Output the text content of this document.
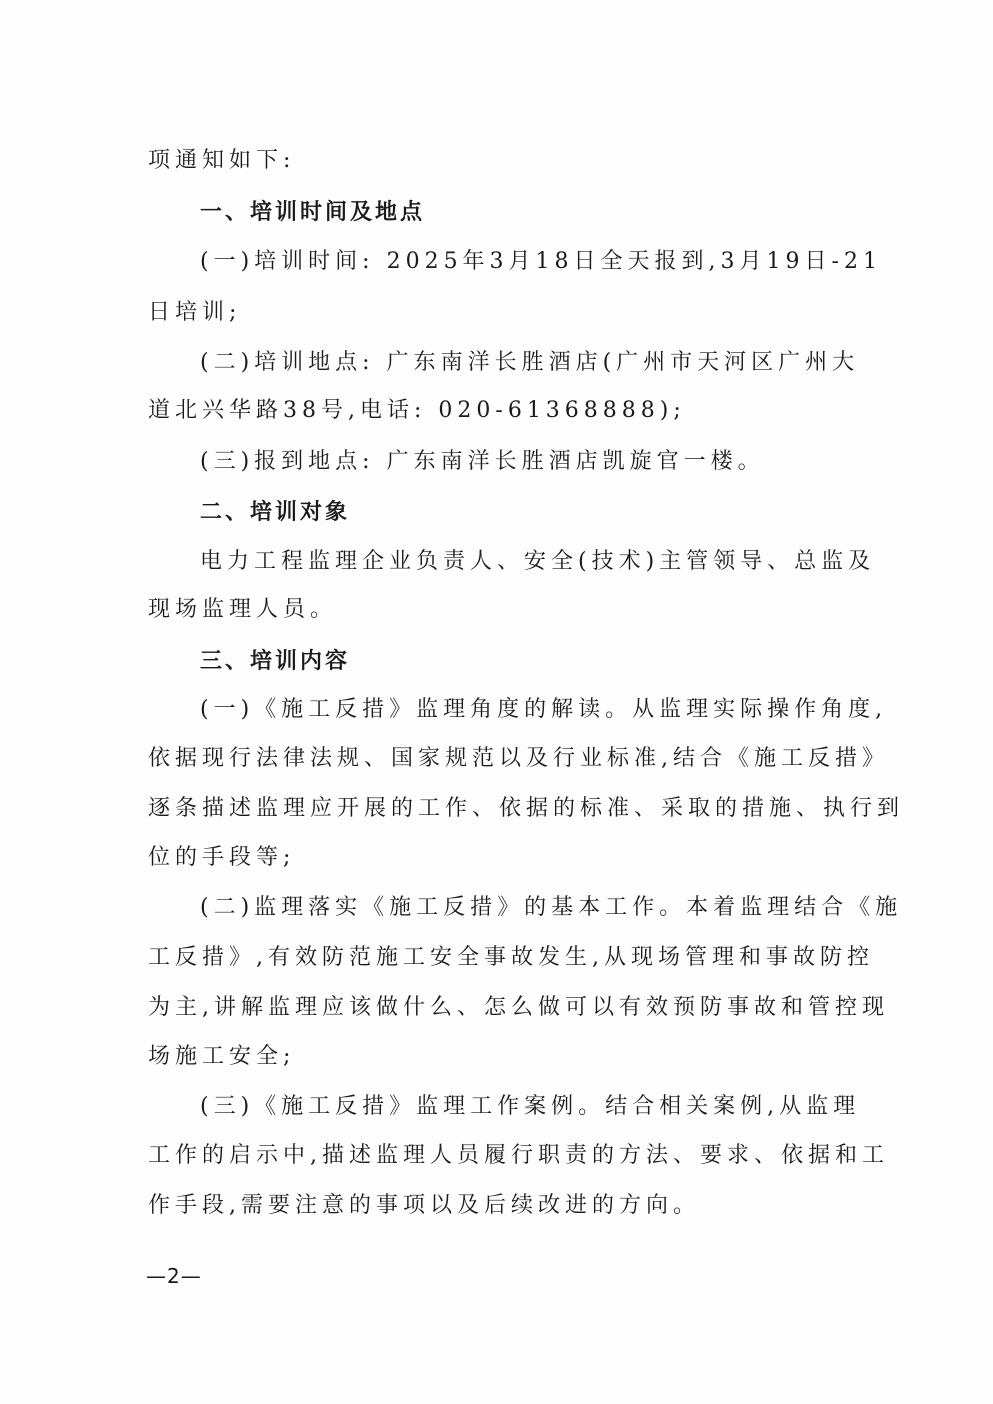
项通知如下:
一、培训时间及地点
(一)培训时间: 2025年3月18日全天报到,3月19日-21
日培训;
(二)培训地点: 广东南洋长胜酒店(广州市天河区广州大
道北兴华路38号,电话: 020-61368888);
(三)报到地点: 广东南洋长胜酒店凯旋官一楼。
二、培训对象
电力工程监理企业负责人、安全(技术)主管领导、总监及
现场监理人员。
三、培训内容
(一)《施工反措》监理角度的解读。从监理实际操作角度,
依据现行法律法规、国家规范以及行业标准,结合《施工反措》
逐条描述监理应开展的工作、依据的标准、采取的措施、执行到
位的手段等;
(二)监理落实《施工反措》的基本工作。本着监理结合《施
工反措》,有效防范施工安全事故发生,从现场管理和事故防控
为主,讲解监理应该做什么、怎么做可以有效预防事故和管控现
场施工安全;
(三)《施工反措》监理工作案例。结合相关案例,从监理
工作的启示中,描述监理人员履行职责的方法、要求、依据和工
作手段,需要注意的事项以及后续改进的方向。
—2—
